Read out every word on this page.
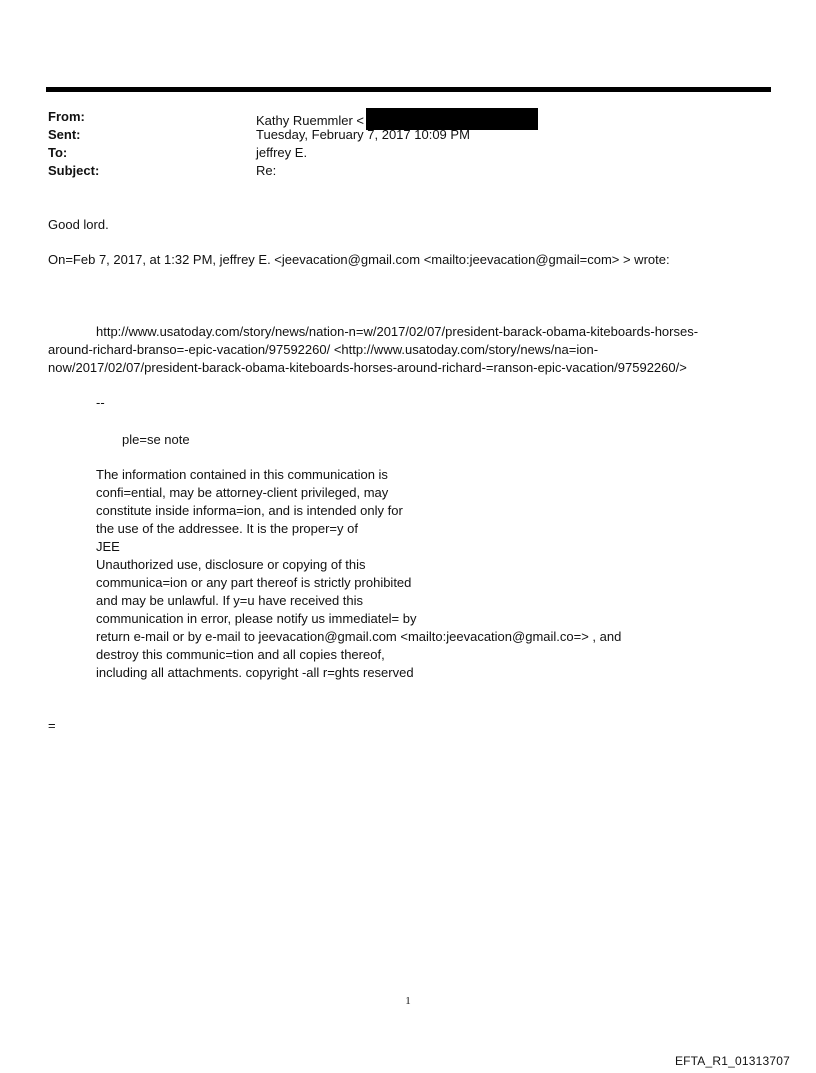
From:	Kathy Ruemmler <
Sent:	Tuesday, February 7, 2017 10:09 PM
To:	jeffrey E.
Subject:	Re:
Good lord.
On=Feb 7, 2017, at 1:32 PM, jeffrey E. <jeevacation@gmail.com <mailto:jeevacation@gmail=com> > wrote:
http://www.usatoday.com/story/news/nation-n=w/2017/02/07/president-barack-obama-kiteboards-horses-
around-richard-branso=-epic-vacation/97592260/ <http://www.usatoday.com/story/news/na=ion-
now/2017/02/07/president-barack-obama-kiteboards-horses-around-richard-=ranson-epic-vacation/97592260/>
--
ple=se note
The information contained in this communication is
confi=ential, may be attorney-client privileged, may
constitute inside informa=ion, and is intended only for
the use of the addressee. It is the proper=y of
JEE
Unauthorized use, disclosure or copying of this
communica=ion or any part thereof is strictly prohibited
and may be unlawful. If y=u have received this
communication in error, please notify us immediatel= by
return e-mail or by e-mail to jeevacation@gmail.com <mailto:jeevacation@gmail.co=> , and
destroy this communic=tion and all copies thereof,
including all attachments. copyright -all r=ghts reserved
=
1
EFTA_R1_01313707
